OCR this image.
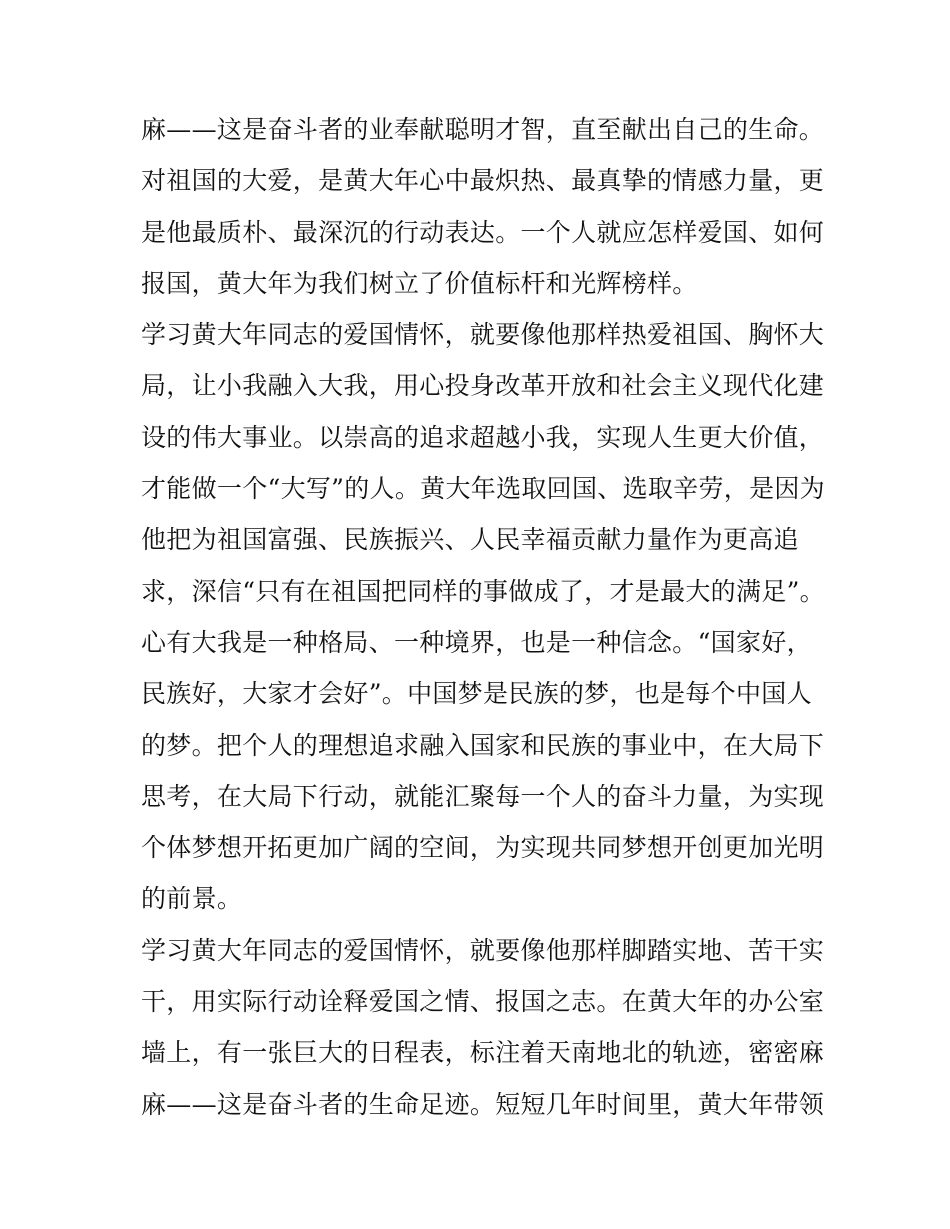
麻——这是奋斗者的业奉献聪明才智，直至献出自己的生命。
对祖国的大爱，是黄大年心中最炽热、最真挚的情感力量，更
是他最质朴、最深沉的行动表达。一个人就应怎样爱国、如何
报国，黄大年为我们树立了价值标杆和光辉榜样。
学习黄大年同志的爱国情怀，就要像他那样热爱祖国、胸怀大
局，让小我融入大我，用心投身改革开放和社会主义现代化建
设的伟大事业。以崇高的追求超越小我，实现人生更大价值，
才能做一个“大写”的人。黄大年选取回国、选取辛劳，是因为
他把为祖国富强、民族振兴、人民幸福贡献力量作为更高追
求，深信“只有在祖国把同样的事做成了，才是最大的满足”。
心有大我是一种格局、一种境界，也是一种信念。“国家好，
民族好，大家才会好”。中国梦是民族的梦，也是每个中国人
的梦。把个人的理想追求融入国家和民族的事业中，在大局下
思考，在大局下行动，就能汇聚每一个人的奋斗力量，为实现
个体梦想开拓更加广阔的空间，为实现共同梦想开创更加光明
的前景。
学习黄大年同志的爱国情怀，就要像他那样脚踏实地、苦干实
干，用实际行动诠释爱国之情、报国之志。在黄大年的办公室
墙上，有一张巨大的日程表，标注着天南地北的轨迹，密密麻
麻——这是奋斗者的生命足迹。短短几年时间里，黄大年带领
